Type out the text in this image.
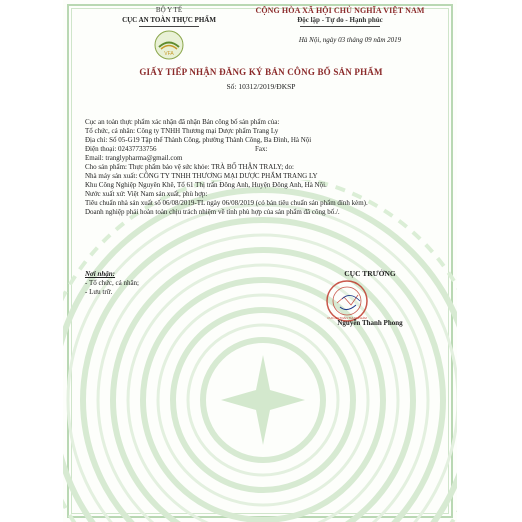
BỘ Y TẾ
CỤC AN TOÀN THỰC PHẨM
VFA
CỘNG HÒA XÃ HỘI CHỦ NGHĨA VIỆT NAM
Độc lập - Tự do - Hạnh phúc
Hà Nội, ngày 03 tháng 09 năm 2019
GIẤY TIẾP NHẬN ĐĂNG KÝ BẢN CÔNG BỐ SẢN PHẨM
Số: 10312/2019/ĐKSP

Cục an toàn thực phẩm xác nhận đã nhận Bản công bố sản phẩm của:

Tổ chức, cá nhân: Công ty TNHH Thương mại Dược phẩm Trang Ly

Địa chỉ: Số 05-G19 Tập thể Thành Công, phường Thành Công, Ba Đình, Hà Nội

Điện thoại: 02437733756	Fax:

Email: tranglypharma@gmail.com

Cho sản phẩm: Thực phẩm bảo vệ sức khỏe: TRÀ BỔ THẬN TRALY; do:

Nhà máy sản xuất: CÔNG TY TNHH THƯƠNG MẠI DƯỢC PHẨM TRANG LY

Khu Công Nghiệp Nguyên Khê, Tổ 61 Thị trấn Đông Anh, Huyện Đông Anh, Hà Nội.

Nước xuất xứ: Việt Nam sản xuất, phù hợp:

Tiêu chuẩn nhà sản xuất số 06/08/2019-TL ngày 06/08/2019 (có bản tiêu chuẩn sản phẩm đính kèm).

Doanh nghiệp phải hoàn toàn chịu trách nhiệm về tính phù hợp của sản phẩm đã công bố./.

Nơi nhận:
- Tổ chức, cá nhân;
- Lưu trữ.
CỤC TRƯỞNG
CỤC AN TOÀN THỰC PHẨM
Nguyễn Thanh Phong
